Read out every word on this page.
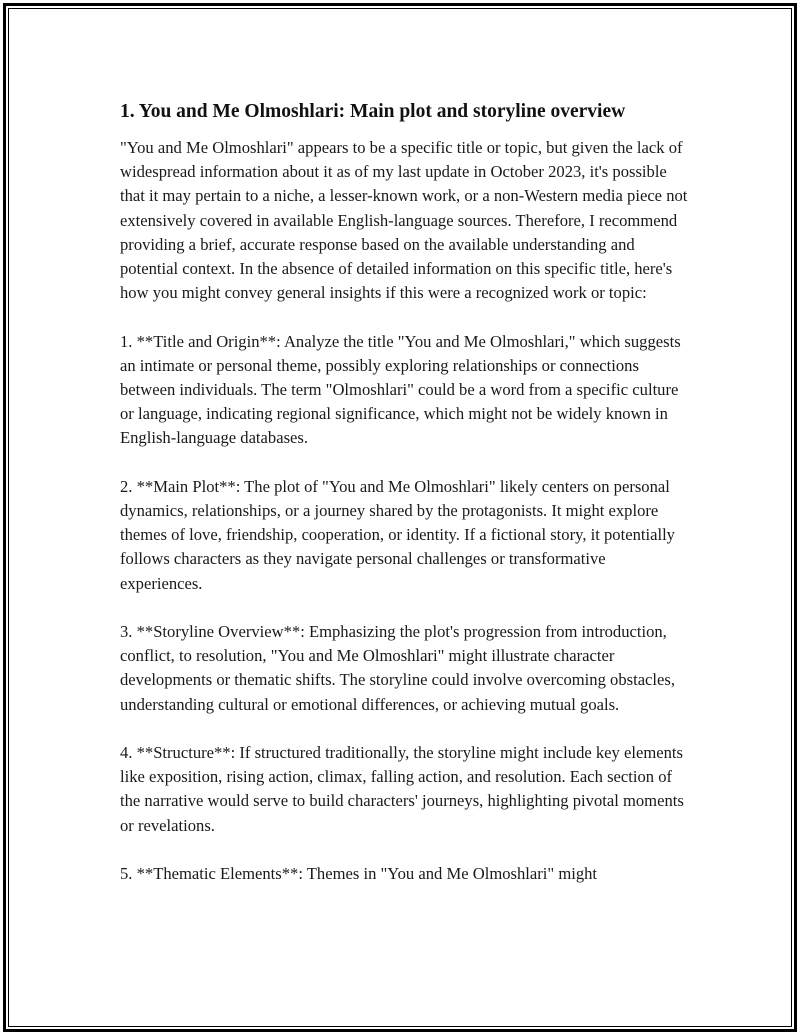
1. You and Me Olmoshlari: Main plot and storyline overview

"You and Me Olmoshlari" appears to be a specific title or topic, but given the lack of widespread information about it as of my last update in October 2023, it's possible that it may pertain to a niche, a lesser-known work, or a non-Western media piece not extensively covered in available English-language sources. Therefore, I recommend providing a brief, accurate response based on the available understanding and potential context. In the absence of detailed information on this specific title, here's how you might convey general insights if this were a recognized work or topic:

1. **Title and Origin**: Analyze the title "You and Me Olmoshlari," which suggests an intimate or personal theme, possibly exploring relationships or connections between individuals. The term "Olmoshlari" could be a word from a specific culture or language, indicating regional significance, which might not be widely known in English-language databases.

2. **Main Plot**: The plot of "You and Me Olmoshlari" likely centers on personal dynamics, relationships, or a journey shared by the protagonists. It might explore themes of love, friendship, cooperation, or identity. If a fictional story, it potentially follows characters as they navigate personal challenges or transformative experiences.

3. **Storyline Overview**: Emphasizing the plot's progression from introduction, conflict, to resolution, "You and Me Olmoshlari" might illustrate character developments or thematic shifts. The storyline could involve overcoming obstacles, understanding cultural or emotional differences, or achieving mutual goals.

4. **Structure**: If structured traditionally, the storyline might include key elements like exposition, rising action, climax, falling action, and resolution. Each section of the narrative would serve to build characters' journeys, highlighting pivotal moments or revelations.

5. **Thematic Elements**: Themes in "You and Me Olmoshlari" might
